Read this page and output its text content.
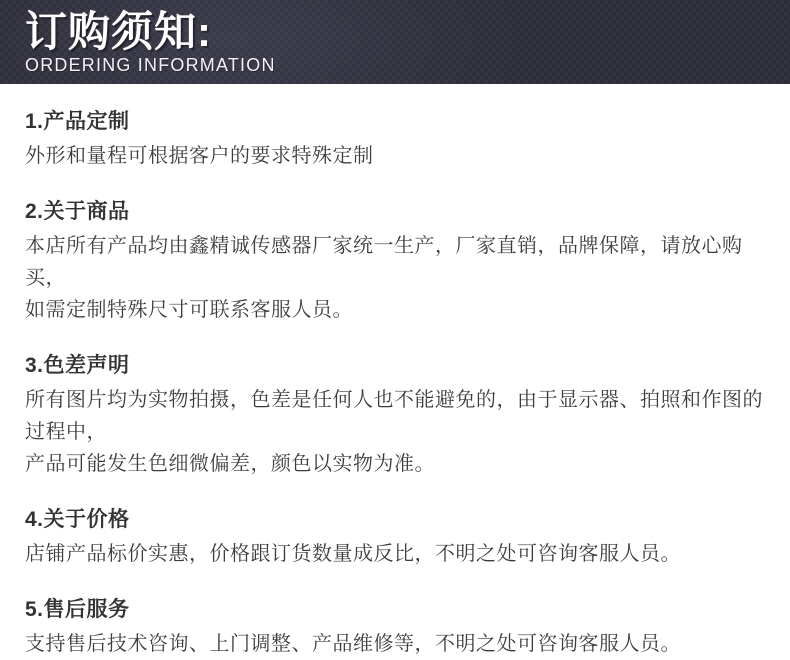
订购须知:
ORDERING INFORMATION
1.产品定制

外形和量程可根据客户的要求特殊定制

2.关于商品

本店所有产品均由鑫精诚传感器厂家统一生产，厂家直销，品牌保障，请放心购买，

如需定制特殊尺寸可联系客服人员。

3.色差声明

所有图片均为实物拍摄，色差是任何人也不能避免的，由于显示器、拍照和作图的过程中，

产品可能发生色细微偏差，颜色以实物为准。

4.关于价格

店铺产品标价实惠，价格跟订货数量成反比，不明之处可咨询客服人员。

5.售后服务

支持售后技术咨询、上门调整、产品维修等，不明之处可咨询客服人员。
